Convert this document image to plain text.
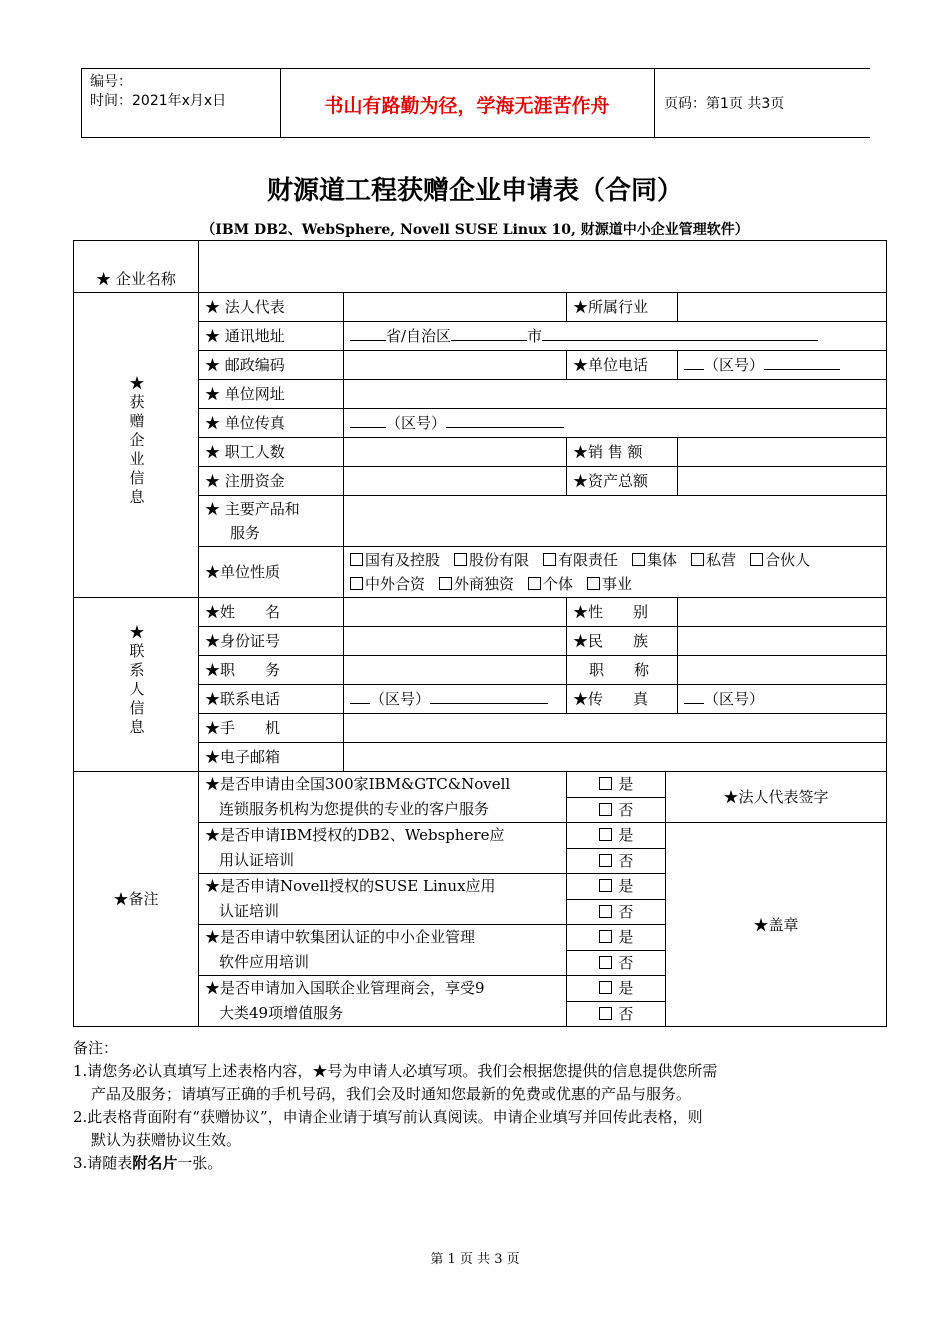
编号：
时间：2021年x月x日	书山有路勤为径，学海无涯苦作舟	页码：第1页 共3页
财源道工程获赠企业申请表（合同）
（IBM DB2、WebSphere, Novell SUSE Linux 10, 财源道中小企业管理软件）
★ 企业名称					
★获赠企业信息	★ 法人代表		★所属行业		
	★ 通讯地址	省/自治区 市			
	★ 邮政编码		★单位电话		（区号）
	★ 单位网址				
	★ 单位传真	（区号）			
	★ 职工人数		★销 售 额		
	★ 注册资金		★资产总额		

	★ 主要产品和
服务				

	★单位性质	国有及控股 股份有限 有限责任 集体 私营 合伙人
中外合资 外商独资 个体 事业			

★联系人信息	★姓　　名		★性　　别		
	★身份证号		★民　　族		
	★职　　务		职　　称		
	★联系电话	（区号）	★传　　真		（区号）
	★手　　机				
	★电子邮箱				
★备注	★是否申请由全国300家IBM&GTC&Novell
连锁服务机构为您提供的专业的客户服务		是	★法人代表签字	
			否		

	★是否申请IBM授权的DB2、Websphere应
用认证培训		是	★盖章	
			否		

	★是否申请Novell授权的SUSE Linux应用
认证培训		是		
			否		

	★是否申请中软集团认证的中小企业管理
软件应用培训		是		
			否		

	★是否申请加入国联企业管理商会，享受9
大类49项增值服务		是		
			否		

备注：

1.请您务必认真填写上述表格内容，★号为申请人必填写项。我们会根据您提供的信息提供您所需

产品及服务；请填写正确的手机号码，我们会及时通知您最新的免费或优惠的产品与服务。

2.此表格背面附有“获赠协议”，申请企业请于填写前认真阅读。申请企业填写并回传此表格，则

默认为获赠协议生效。

3.请随表附名片一张。

第 1 页 共 3 页
